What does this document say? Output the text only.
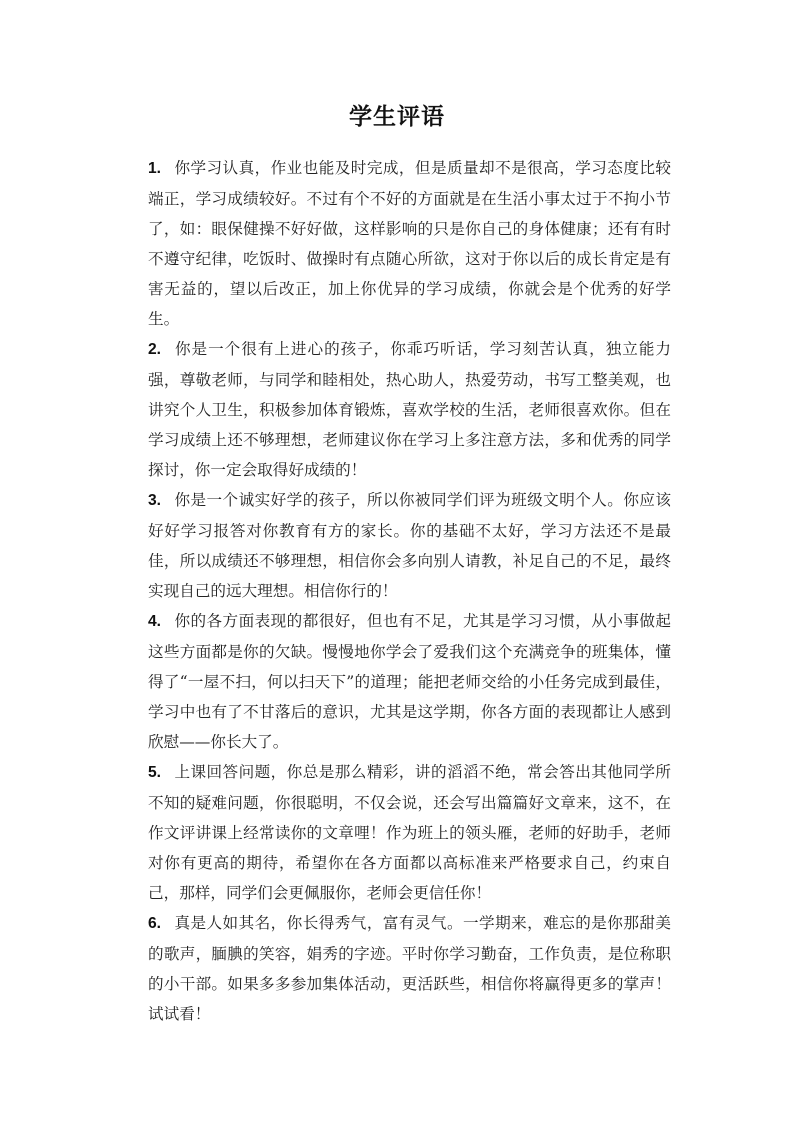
学生评语

1. 你学习认真，作业也能及时完成，但是质量却不是很高，学习态度比较端正，学习成绩较好。不过有个不好的方面就是在生活小事太过于不拘小节了，如：眼保健操不好好做，这样影响的只是你自己的身体健康；还有有时不遵守纪律，吃饭时、做操时有点随心所欲，这对于你以后的成长肯定是有害无益的，望以后改正，加上你优异的学习成绩，你就会是个优秀的好学生。

2. 你是一个很有上进心的孩子，你乖巧听话，学习刻苦认真，独立能力强，尊敬老师，与同学和睦相处，热心助人，热爱劳动，书写工整美观，也讲究个人卫生，积极参加体育锻炼，喜欢学校的生活，老师很喜欢你。但在学习成绩上还不够理想，老师建议你在学习上多注意方法，多和优秀的同学探讨，你一定会取得好成绩的！

3. 你是一个诚实好学的孩子，所以你被同学们评为班级文明个人。你应该好好学习报答对你教育有方的家长。你的基础不太好，学习方法还不是最佳，所以成绩还不够理想，相信你会多向别人请教，补足自己的不足，最终实现自己的远大理想。相信你行的！

4. 你的各方面表现的都很好，但也有不足，尤其是学习习惯，从小事做起这些方面都是你的欠缺。慢慢地你学会了爱我们这个充满竞争的班集体，懂得了“一屋不扫，何以扫天下”的道理；能把老师交给的小任务完成到最佳，学习中也有了不甘落后的意识，尤其是这学期，你各方面的表现都让人感到欣慰——你长大了。

5. 上课回答问题，你总是那么精彩，讲的滔滔不绝，常会答出其他同学所不知的疑难问题，你很聪明，不仅会说，还会写出篇篇好文章来，这不，在作文评讲课上经常读你的文章哩！作为班上的领头雁，老师的好助手，老师对你有更高的期待，希望你在各方面都以高标准来严格要求自己，约束自己，那样，同学们会更佩服你，老师会更信任你！

6. 真是人如其名，你长得秀气，富有灵气。一学期来，难忘的是你那甜美的歌声，腼腆的笑容，娟秀的字迹。平时你学习勤奋，工作负责，是位称职的小干部。如果多多参加集体活动，更活跃些，相信你将赢得更多的掌声！试试看！
